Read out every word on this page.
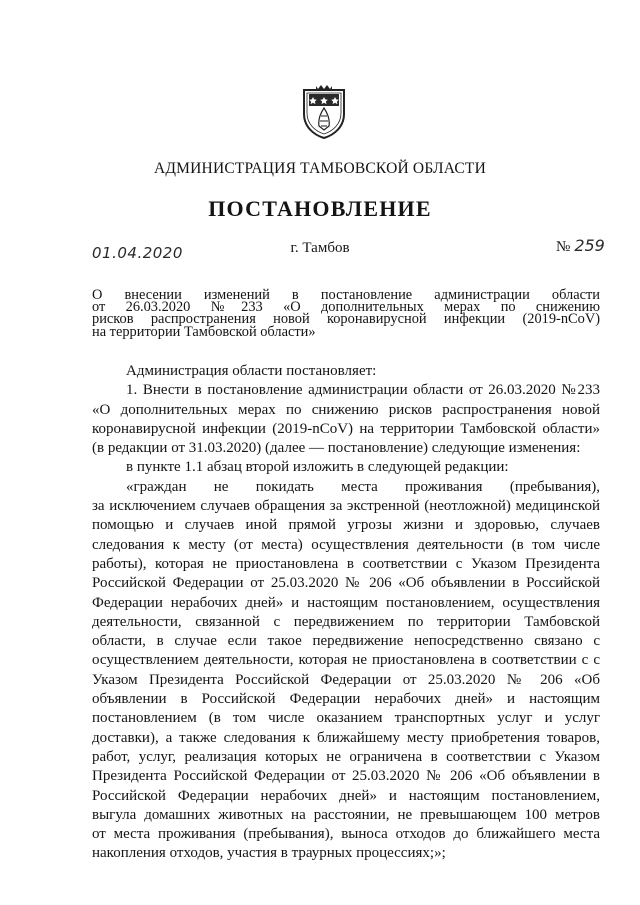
АДМИНИСТРАЦИЯ ТАМБОВСКОЙ ОБЛАСТИ
ПОСТАНОВЛЕНИЕ
01.04.2020	г. Тамбов	№ 259
О внесении изменений в постановление администрации области
от 26.03.2020 №233 «О дополнительных мерах по снижению
рисков распространения новой коронавирусной инфекции (2019-nCoV)
на территории Тамбовской области»

Администрация области постановляет:

1. Внести в постановление администрации области от 26.03.2020 №233
«О дополнительных мерах по снижению рисков распространения новой
коронавирусной инфекции (2019-nCoV) на территории Тамбовской области»
(в редакции от 31.03.2020) (далее — постановление) следующие изменения:

в пункте 1.1 абзац второй изложить в следующей редакции:

«граждан не покидать места проживания (пребывания),
за исключением случаев обращения за экстренной (неотложной) медицинской
помощью и случаев иной прямой угрозы жизни и здоровью, случаев
следования к месту (от места) осуществления деятельности (в том числе
работы), которая не приостановлена в соответствии с Указом Президента
Российской Федерации от 25.03.2020 № 206 «Об объявлении в Российской
Федерации нерабочих дней» и настоящим постановлением, осуществления
деятельности, связанной с передвижением по территории Тамбовской
области, в случае если такое передвижение непосредственно связано с
осуществлением деятельности, которая не приостановлена в соответствии с с
Указом Президента Российской Федерации от 25.03.2020 № 206 «Об
объявлении в Российской Федерации нерабочих дней» и настоящим
постановлением (в том числе оказанием транспортных услуг и услуг
доставки), а также следования к ближайшему месту приобретения товаров,
работ, услуг, реализация которых не ограничена в соответствии с Указом
Президента Российской Федерации от 25.03.2020 № 206 «Об объявлении в
Российской Федерации нерабочих дней» и настоящим постановлением,
выгула домашних животных на расстоянии, не превышающем 100 метров
от места проживания (пребывания), выноса отходов до ближайшего места
накопления отходов, участия в траурных процессиях;»;
